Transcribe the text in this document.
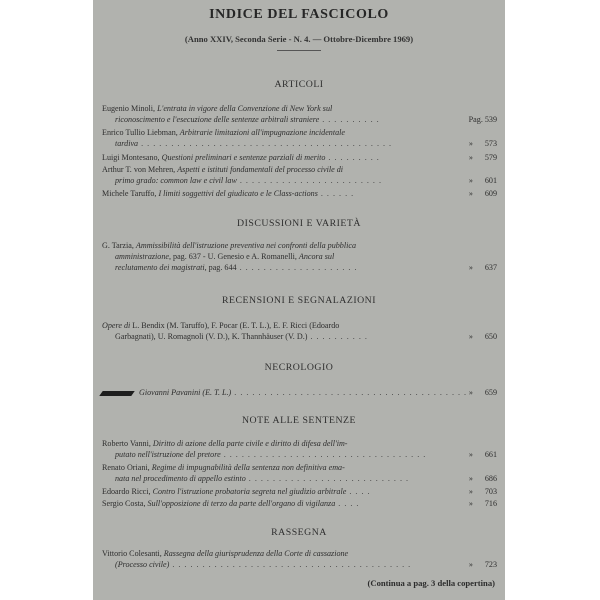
INDICE DEL FASCICOLO
(Anno XXIV, Seconda Serie - N. 4. — Ottobre-Dicembre 1969)
ARTICOLI
Eugenio Minoli, L'entrata in vigore della Convenzione di New York sul
riconoscimento e l'esecuzione delle sentenze arbitrali straniere . . . . . . . . . .	Pag. 539
Enrico Tullio Liebman, Arbitrarie limitazioni all'impugnazione incidentale
tardiva . . . . . . . . . . . . . . . . . . . . . . . . . . . . . . . . . . . . . . . . . .	» 573
Luigi Montesano, Questioni preliminari e sentenze parziali di merito . . . . . . . . .	» 579
Arthur T. von Mehren, Aspetti e istituti fondamentali del processo civile di
primo grado: common law e civil law . . . . . . . . . . . . . . . . . . . . . . . .	» 601
Michele Taruffo, I limiti soggettivi del giudicato e le Class-actions . . . . . .	» 609
DISCUSSIONI E VARIETÀ
G. Tarzia, Ammissibilità dell'istruzione preventiva nei confronti della pubblica
amministrazione, pag. 637 - U. Genesio e A. Romanelli, Ancora sul
reclutamento dei magistrati, pag. 644 . . . . . . . . . . . . . . . . . . . .	» 637
RECENSIONI E SEGNALAZIONI
Opere di L. Bendix (M. Taruffo), F. Pocar (E. T. L.), E. F. Ricci (Edoardo
Garbagnati), U. Romagnoli (V. D.), K. Thannhäuser (V. D.) . . . . . . . . . .	» 650
NECROLOGIO
Giovanni Pavanini (E. T. L.) . . . . . . . . . . . . . . . . . . . . . . . . . . . . . . . . . . . . . . . » 659
NOTE ALLE SENTENZE
Roberto Vanni, Diritto di azione della parte civile e diritto di difesa dell'im-
putato nell'istruzione del pretore . . . . . . . . . . . . . . . . . . . . . . . . . . . . . . . . . .	» 661
Renato Oriani, Regime di impugnabilità della sentenza non definitiva ema-
nata nel procedimento di appello estinto . . . . . . . . . . . . . . . . . . . . . . . . . . .	» 686
Edoardo Ricci, Contro l'istruzione probatoria segreta nel giudizio arbitrale . . . .	» 703
Sergio Costa, Sull'opposizione di terzo da parte dell'organo di vigilanza . . . .	» 716
RASSEGNA
Vittorio Colesanti, Rassegna della giurisprudenza della Corte di cassazione
(Processo civile) . . . . . . . . . . . . . . . . . . . . . . . . . . . . . . . . . . . . . . . .	» 723
(Continua a pag. 3 della copertina)
